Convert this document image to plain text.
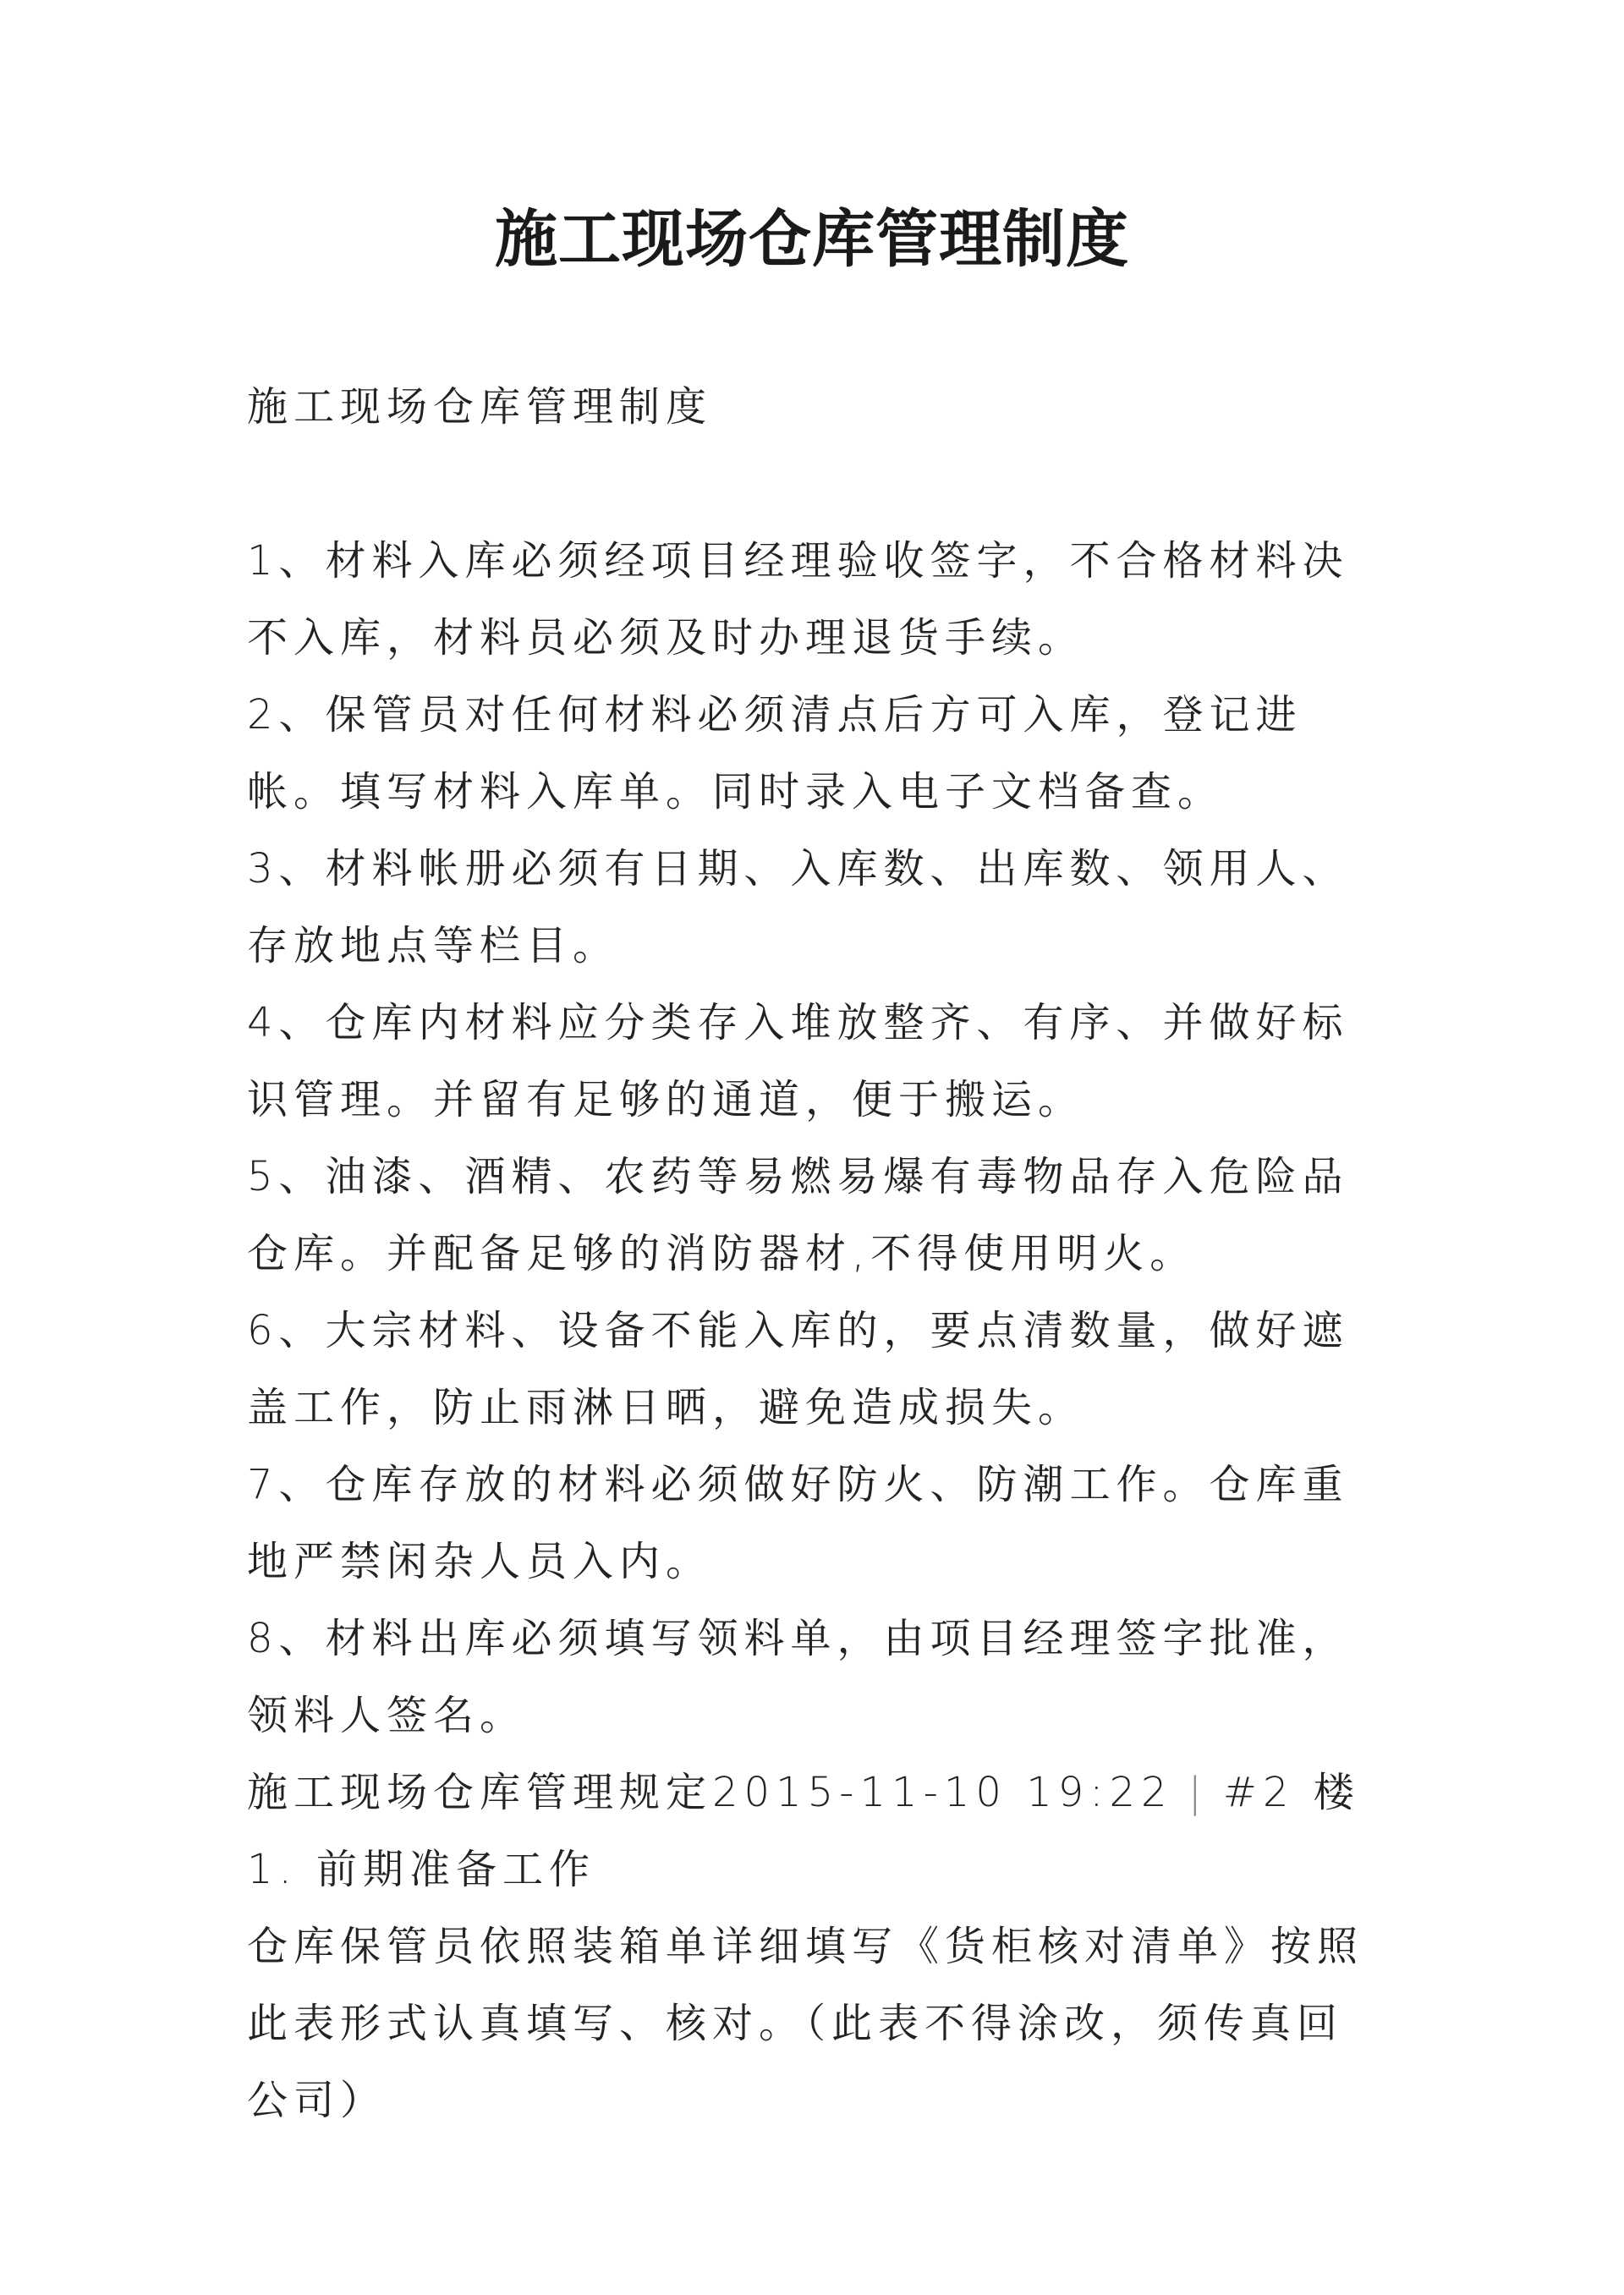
施工现场仓库管理制度

施工现场仓库管理制度

1、材料入库必须经项目经理验收签字，不合格材料决不入库，材料员必须及时办理退货手续。

2、保管员对任何材料必须清点后方可入库，登记进帐。填写材料入库单。同时录入电子文档备查。

3、材料帐册必须有日期、入库数、出库数、领用人、存放地点等栏目。

4、仓库内材料应分类存入堆放整齐、有序、并做好标识管理。并留有足够的通道，便于搬运。

5、油漆、酒精、农药等易燃易爆有毒物品存入危险品仓库。并配备足够的消防器材,不得使用明火。

6、大宗材料、设备不能入库的，要点清数量，做好遮盖工作，防止雨淋日晒，避免造成损失。

7、仓库存放的材料必须做好防火、防潮工作。仓库重地严禁闲杂人员入内。

8、材料出库必须填写领料单，由项目经理签字批准，领料人签名。

施工现场仓库管理规定2015-11-10 19:22 | #2 楼

1. 前期准备工作

仓库保管员依照装箱单详细填写《货柜核对清单》按照此表形式认真填写、核对。（此表不得涂改，须传真回公司）
